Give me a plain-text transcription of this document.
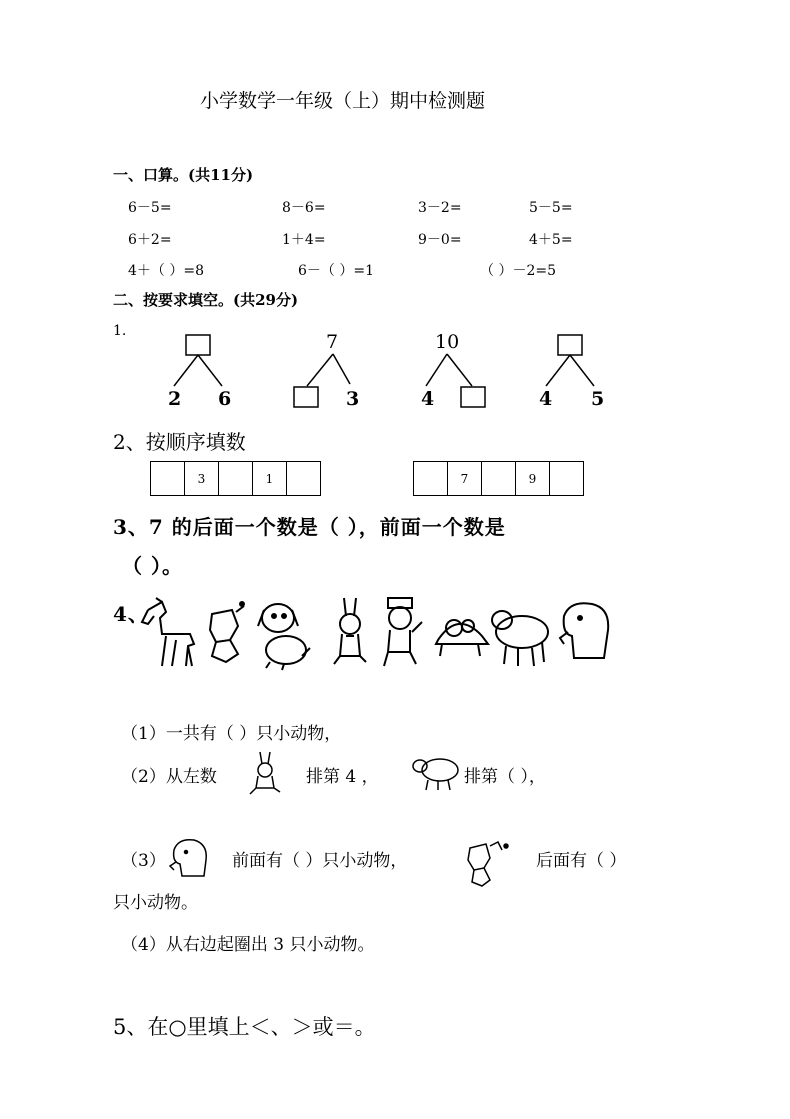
小学数学一年级（上）期中检测题
一、口算。(共11分)
6－5=	8－6=	3－2=	5－5=
6＋2=	1＋4=	9－0=	4＋5=
4＋（ ）=8	6－（ ）=1	（ ）－2=5
二、按要求填空。(共29分)
1.	7	10
2 6	3	4	4 5
2、按顺序填数
3	1	7	9
3、7 的后面一个数是（ ），前面一个数是
（ ）。
4、
（1）一共有（ ）只小动物，
（2）从左数	排第 4 ，	排第（ ），
（3）	前面有（ ）只小动物，	后面有（ ）
只小动物。
（4）从右边起圈出 3 只小动物。
5、在○里填上＜、＞或＝。
